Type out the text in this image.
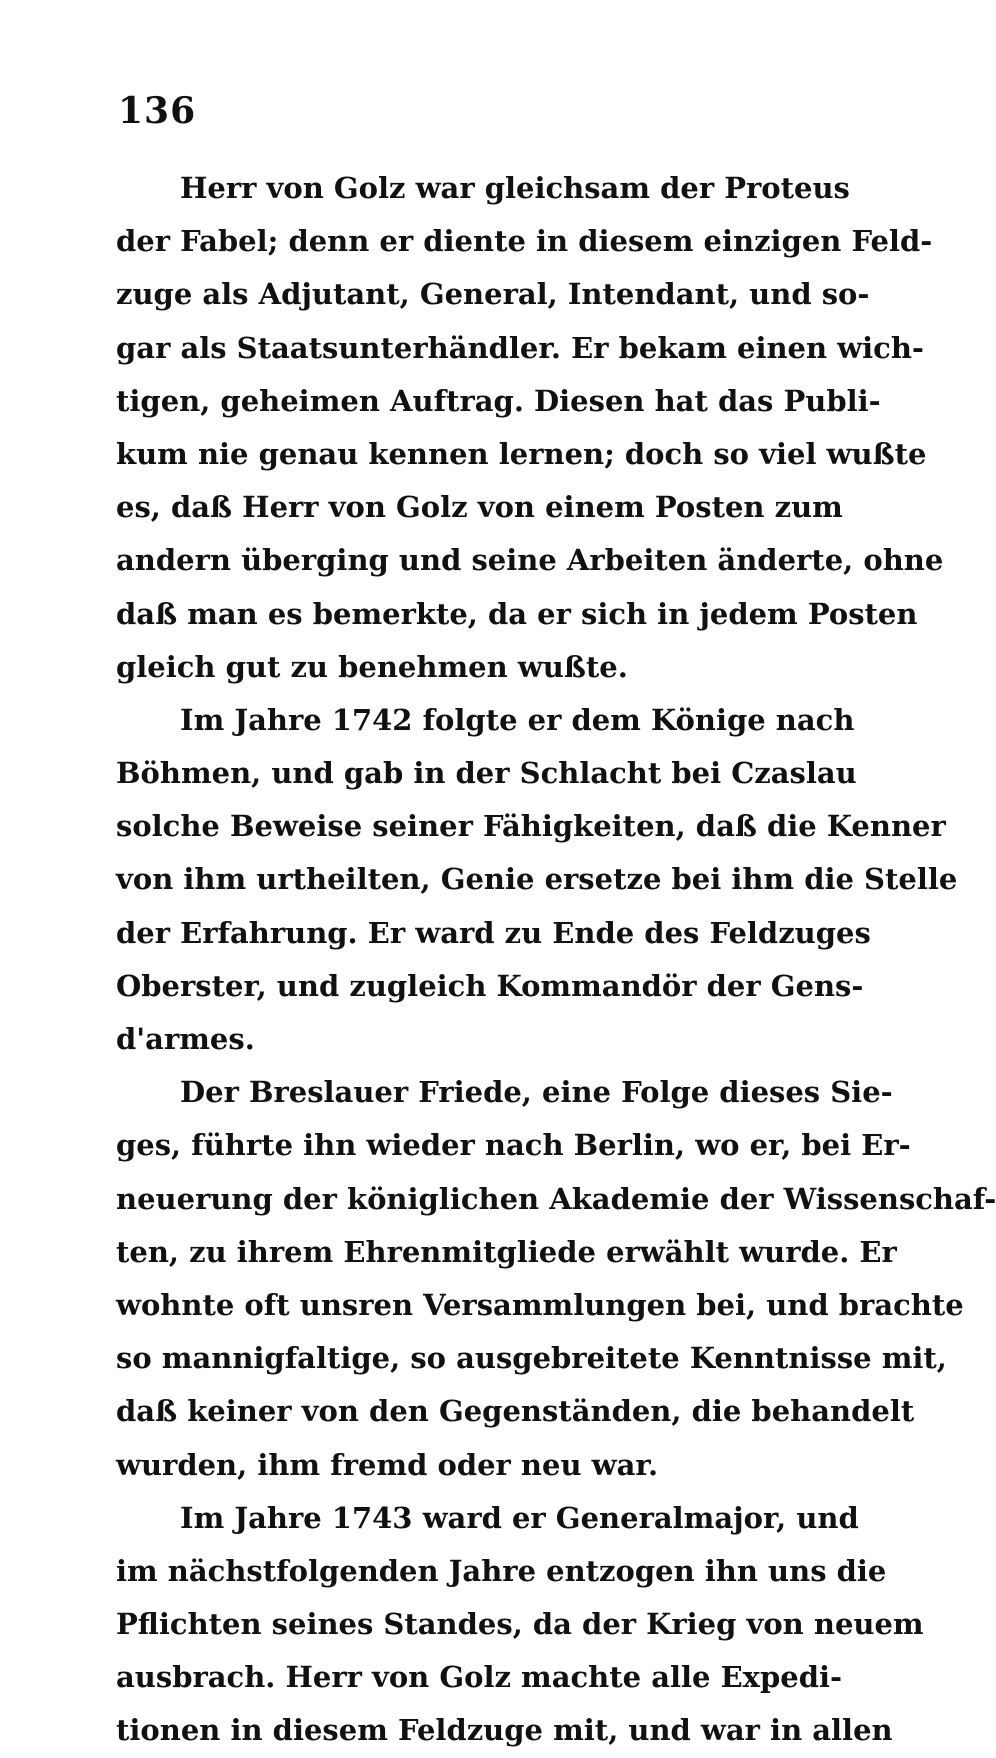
136
Herr von Golz war gleichsam der Proteus
der Fabel; denn er diente in diesem einzigen Feld-
zuge als Adjutant, General, Intendant, und so-
gar als Staatsunterhändler. Er bekam einen wich-
tigen, geheimen Auftrag. Diesen hat das Publi-
kum nie genau kennen lernen; doch so viel wußte
es, daß Herr von Golz von einem Posten zum
andern überging und seine Arbeiten änderte, ohne
daß man es bemerkte, da er sich in jedem Posten
gleich gut zu benehmen wußte.
Im Jahre 1742 folgte er dem Könige nach
Böhmen, und gab in der Schlacht bei Czaslau
solche Beweise seiner Fähigkeiten, daß die Kenner
von ihm urtheilten, Genie ersetze bei ihm die Stelle
der Erfahrung. Er ward zu Ende des Feldzuges
Oberster, und zugleich Kommandör der Gens-
d'armes.
Der Breslauer Friede, eine Folge dieses Sie-
ges, führte ihn wieder nach Berlin, wo er, bei Er-
neuerung der königlichen Akademie der Wissenschaf-
ten, zu ihrem Ehrenmitgliede erwählt wurde. Er
wohnte oft unsren Versammlungen bei, und brachte
so mannigfaltige, so ausgebreitete Kenntnisse mit,
daß keiner von den Gegenständen, die behandelt
wurden, ihm fremd oder neu war.
Im Jahre 1743 ward er Generalmajor, und
im nächstfolgenden Jahre entzogen ihn uns die
Pflichten seines Standes, da der Krieg von neuem
ausbrach. Herr von Golz machte alle Expedi-
tionen in diesem Feldzuge mit, und war in allen
